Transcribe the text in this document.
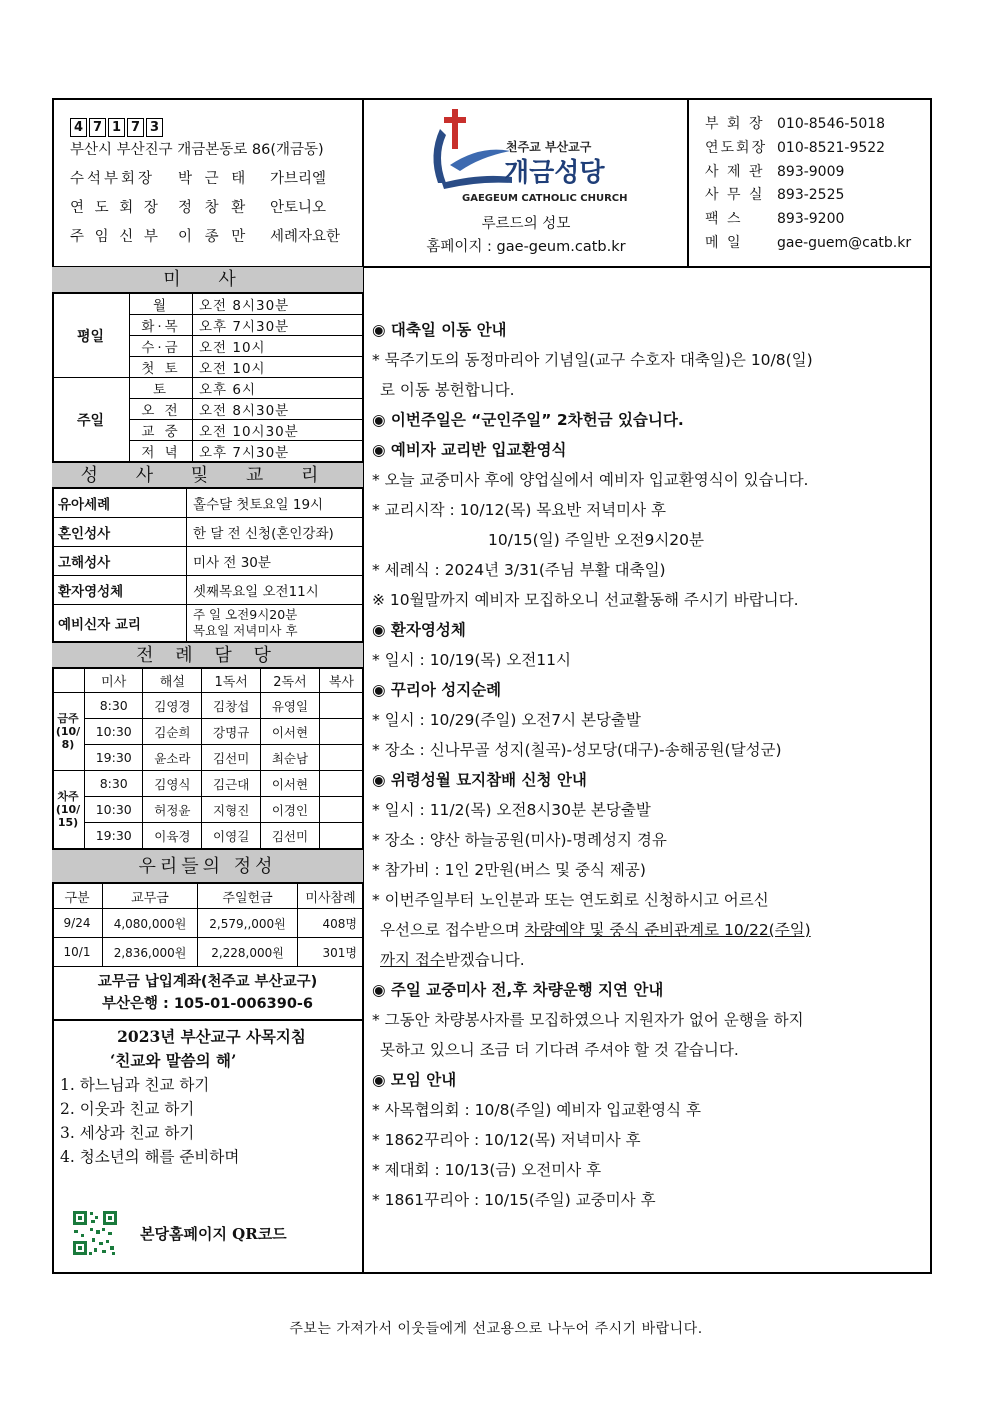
4 7 1 7 3
부산시 부산진구 개금본동로 86(개금동)
수석부회장	박 근 태	가브리엘
연 도 회 장	정 창 환	안토니오
주 임 신 부	이 종 만	세례자요한
천주교 부산교구
개금성당
GAEGEUM CATHOLIC CHURCH
루르드의 성모
홈페이지 : gae-geum.catb.kr
부 회 장 010-8546-5018
연도회장 010-8521-9522
사 제 관 893-9009
사 무 실 893-2525
팩 스	893-9200
메 일	gae-guem@catb.kr
미 사
평일	월	오전 8시30분
	화·목	오후 7시30분
	수·금	오전 10시
	첫 토	오전 10시
주일	토	오후 6시
	오 전	오전 8시30분
	교 중	오전 10시30분
	저 녁	오후 7시30분
성 사 및 교 리
유아세례	홀수달 첫토요일 19시
혼인성사	한 달 전 신청(혼인강좌)
고해성사	미사 전 30분
환자영성체	셋째목요일 오전11시
예비신자 교리	주 일 오전9시20분
목요일 저녁미사 후
전 례 담 당
	미사	해설	1독서	2독서	복사
금주(10/8)	8:30	김영경	김창섭	유영일	
	10:30	김순희	강명규	이서현	
	19:30	윤소라	김선미	최순남	
차주(10/15)	8:30	김영식	김근대	이서현	
	10:30	허정윤	지형진	이경인	
	19:30	이육경	이영길	김선미	
우리들의 정성
구분	교무금	주일헌금	미사참례
9/24	4,080,000원	2,579,,000원	408명
10/1	2,836,000원	2,228,000원	301명
교무금 납입계좌(천주교 부산교구)
부산은행 : 105-01-006390-6
2023년 부산교구 사목지침
‘친교와 말씀의 해’
1. 하느님과 친교 하기
2. 이웃과 친교 하기
3. 세상과 친교 하기
4. 청소년의 해를 준비하며
본당홈페이지 QR코드
◉ 대축일 이동 안내
* 묵주기도의 동정마리아 기념일(교구 수호자 대축일)은 10/8(일)
로 이동 봉헌합니다.
◉ 이번주일은 “군인주일” 2차헌금 있습니다.
◉ 예비자 교리반 입교환영식
* 오늘 교중미사 후에 양업실에서 예비자 입교환영식이 있습니다.
* 교리시작 : 10/12(목) 목요반 저녁미사 후
10/15(일) 주일반 오전9시20분
* 세례식 : 2024년 3/31(주님 부활 대축일)
※ 10월말까지 예비자 모집하오니 선교활동해 주시기 바랍니다.
◉ 환자영성체
* 일시 : 10/19(목) 오전11시
◉ 꾸리아 성지순례
* 일시 : 10/29(주일) 오전7시 본당출발
* 장소 : 신나무골 성지(칠곡)-성모당(대구)-송해공원(달성군)
◉ 위령성월 묘지참배 신청 안내
* 일시 : 11/2(목) 오전8시30분 본당출발
* 장소 : 양산 하늘공원(미사)-명례성지 경유
* 참가비 : 1인 2만원(버스 및 중식 제공)
* 이번주일부터 노인분과 또는 연도회로 신청하시고 어르신
우선으로 접수받으며 차량예약 및 중식 준비관계로 10/22(주일)
까지 접수받겠습니다.
◉ 주일 교중미사 전,후 차량운행 지연 안내
* 그동안 차량봉사자를 모집하였으나 지원자가 없어 운행을 하지
못하고 있으니 조금 더 기다려 주셔야 할 것 같습니다.
◉ 모임 안내
* 사목협의회 : 10/8(주일) 예비자 입교환영식 후
* 1862꾸리아 : 10/12(목) 저녁미사 후
* 제대회 : 10/13(금) 오전미사 후
* 1861꾸리아 : 10/15(주일) 교중미사 후
주보는 가져가서 이웃들에게 선교용으로 나누어 주시기 바랍니다.
